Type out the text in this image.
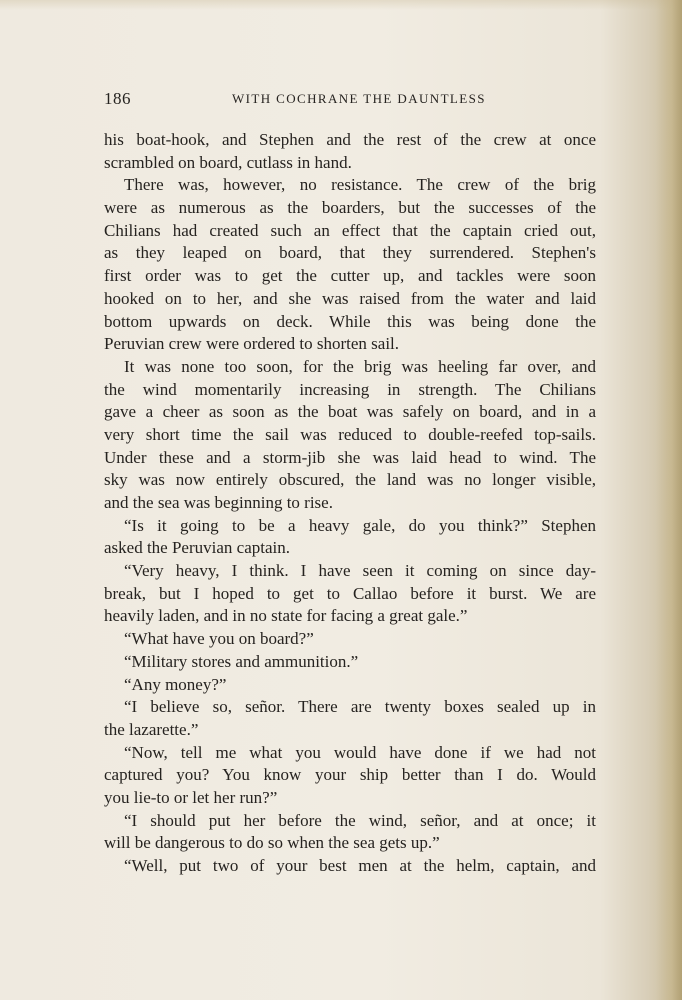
186	WITH COCHRANE THE DAUNTLESS
his boat-hook, and Stephen and the rest of the crew at once
scrambled on board, cutlass in hand.
There was, however, no resistance. The crew of the brig
were as numerous as the boarders, but the successes of the
Chilians had created such an effect that the captain cried out,
as they leaped on board, that they surrendered. Stephen's
first order was to get the cutter up, and tackles were soon
hooked on to her, and she was raised from the water and laid
bottom upwards on deck. While this was being done the
Peruvian crew were ordered to shorten sail.
It was none too soon, for the brig was heeling far over, and
the wind momentarily increasing in strength. The Chilians
gave a cheer as soon as the boat was safely on board, and in a
very short time the sail was reduced to double-reefed top-sails.
Under these and a storm-jib she was laid head to wind. The
sky was now entirely obscured, the land was no longer visible,
and the sea was beginning to rise.
“Is it going to be a heavy gale, do you think?” Stephen
asked the Peruvian captain.
“Very heavy, I think. I have seen it coming on since day-
break, but I hoped to get to Callao before it burst. We are
heavily laden, and in no state for facing a great gale.”
“What have you on board?”
“Military stores and ammunition.”
“Any money?”
“I believe so, señor. There are twenty boxes sealed up in
the lazarette.”
“Now, tell me what you would have done if we had not
captured you? You know your ship better than I do. Would
you lie-to or let her run?”
“I should put her before the wind, señor, and at once; it
will be dangerous to do so when the sea gets up.”
“Well, put two of your best men at the helm, captain, and
